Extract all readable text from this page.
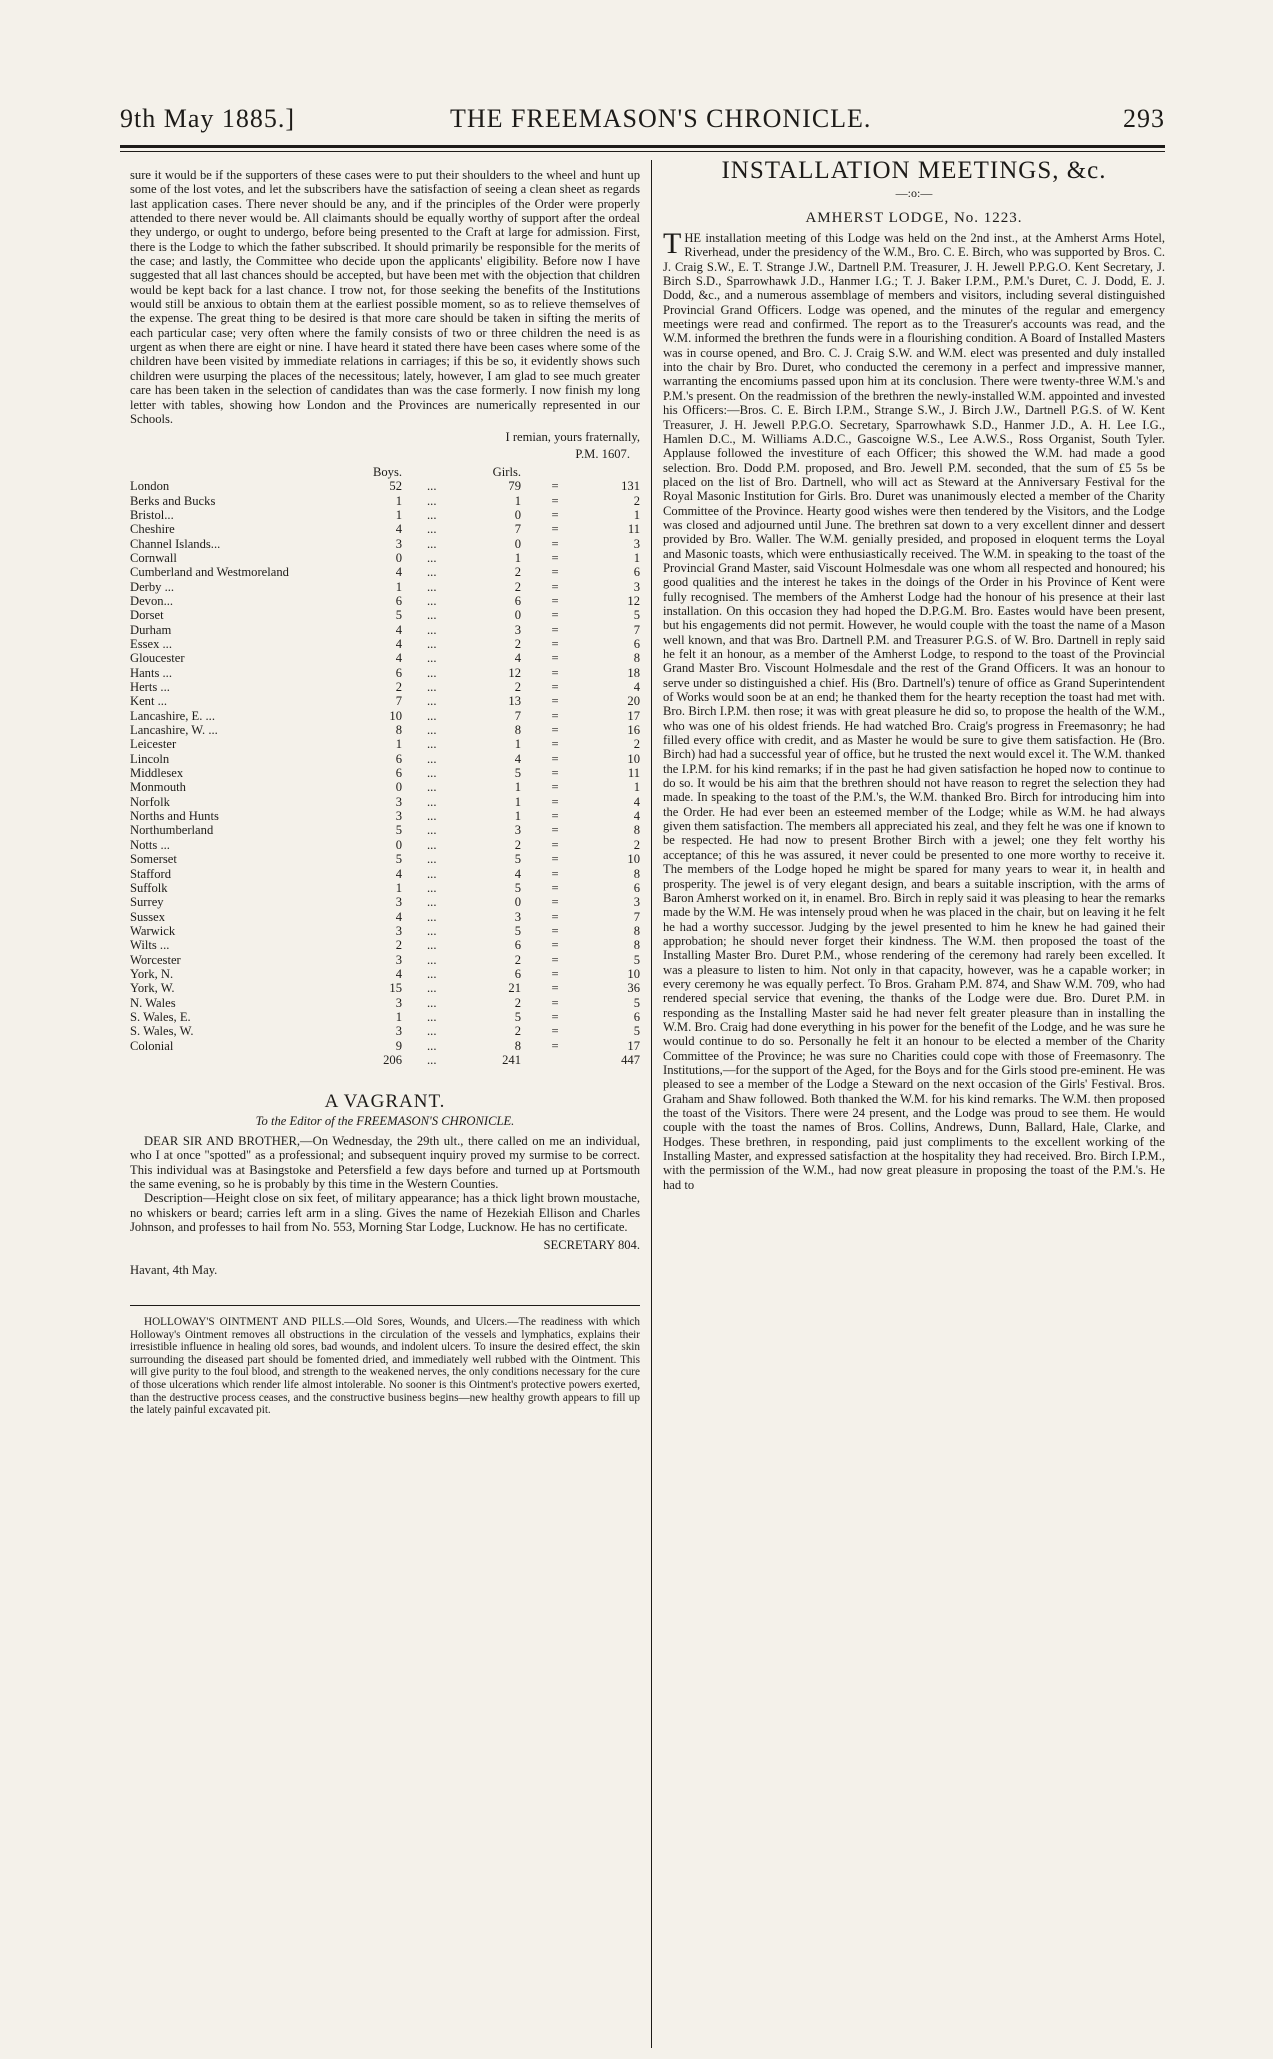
9th May 1885.]	THE FREEMASON'S CHRONICLE.	293

sure it would be if the supporters of these cases were to put their shoulders to the wheel and hunt up some of the lost votes, and let the subscribers have the satisfaction of seeing a clean sheet as regards last application cases. There never should be any, and if the principles of the Order were properly attended to there never would be. All claimants should be equally worthy of support after the ordeal they undergo, or ought to undergo, before being presented to the Craft at large for admission. First, there is the Lodge to which the father subscribed. It should primarily be responsible for the merits of the case; and lastly, the Committee who decide upon the applicants' eligibility. Before now I have suggested that all last chances should be accepted, but have been met with the objection that children would be kept back for a last chance. I trow not, for those seeking the benefits of the Institutions would still be anxious to obtain them at the earliest possible moment, so as to relieve themselves of the expense. The great thing to be desired is that more care should be taken in sifting the merits of each particular case; very often where the family consists of two or three children the need is as urgent as when there are eight or nine. I have heard it stated there have been cases where some of the children have been visited by immediate relations in carriages; if this be so, it evidently shows such children were usurping the places of the necessitous; lately, however, I am glad to see much greater care has been taken in the selection of candidates than was the case formerly. I now finish my long letter with tables, showing how London and the Provinces are numerically represented in our Schools.

I remian, yours fraternally,
P.M. 1607.
	Boys.		Girls.		
London	52	...	79	=	131
Berks and Bucks	1	...	1	=	2
Bristol...	1	...	0	=	1
Cheshire	4	...	7	=	11
Channel Islands...	3	...	0	=	3
Cornwall	0	...	1	=	1
Cumberland and Westmoreland	4	...	2	=	6
Derby ...	1	...	2	=	3
Devon...	6	...	6	=	12
Dorset	5	...	0	=	5
Durham	4	...	3	=	7
Essex ...	4	...	2	=	6
Gloucester	4	...	4	=	8
Hants ...	6	...	12	=	18
Herts ...	2	...	2	=	4
Kent ...	7	...	13	=	20
Lancashire, E. ...	10	...	7	=	17
Lancashire, W. ...	8	...	8	=	16
Leicester	1	...	1	=	2
Lincoln	6	...	4	=	10
Middlesex	6	...	5	=	11
Monmouth	0	...	1	=	1
Norfolk	3	...	1	=	4
Norths and Hunts	3	...	1	=	4
Northumberland	5	...	3	=	8
Notts ...	0	...	2	=	2
Somerset	5	...	5	=	10
Stafford	4	...	4	=	8
Suffolk	1	...	5	=	6
Surrey	3	...	0	=	3
Sussex	4	...	3	=	7
Warwick	3	...	5	=	8
Wilts ...	2	...	6	=	8
Worcester	3	...	2	=	5
York, N.	4	...	6	=	10
York, W.	15	...	21	=	36
N. Wales	3	...	2	=	5
S. Wales, E.	1	...	5	=	6
S. Wales, W.	3	...	2	=	5
Colonial	9	...	8	=	17
	206	...	241		447
A VAGRANT.
To the Editor of the FREEMASON'S CHRONICLE.

DEAR SIR AND BROTHER,—On Wednesday, the 29th ult., there called on me an individual, who I at once "spotted" as a professional; and subsequent inquiry proved my surmise to be correct. This individual was at Basingstoke and Petersfield a few days before and turned up at Portsmouth the same evening, so he is probably by this time in the Western Counties.

Description—Height close on six feet, of military appearance; has a thick light brown moustache, no whiskers or beard; carries left arm in a sling. Gives the name of Hezekiah Ellison and Charles Johnson, and professes to hail from No. 553, Morning Star Lodge, Lucknow. He has no certificate.

SECRETARY 804.
Havant, 4th May.

HOLLOWAY'S OINTMENT AND PILLS.—Old Sores, Wounds, and Ulcers.—The readiness with which Holloway's Ointment removes all obstructions in the circulation of the vessels and lymphatics, explains their irresistible influence in healing old sores, bad wounds, and indolent ulcers. To insure the desired effect, the skin surrounding the diseased part should be fomented dried, and immediately well rubbed with the Ointment. This will give purity to the foul blood, and strength to the weakened nerves, the only conditions necessary for the cure of those ulcerations which render life almost intolerable. No sooner is this Ointment's protective powers exerted, than the destructive process ceases, and the constructive business begins—new healthy growth appears to fill up the lately painful excavated pit.

INSTALLATION MEETINGS, &c.
—:o:—
AMHERST LODGE, No. 1223.

THE installation meeting of this Lodge was held on the 2nd inst., at the Amherst Arms Hotel, Riverhead, under the presidency of the W.M., Bro. C. E. Birch, who was supported by Bros. C. J. Craig S.W., E. T. Strange J.W., Dartnell P.M. Treasurer, J. H. Jewell P.P.G.O. Kent Secretary, J. Birch S.D., Sparrowhawk J.D., Hanmer I.G.; T. J. Baker I.P.M., P.M.'s Duret, C. J. Dodd, E. J. Dodd, &c., and a numerous assemblage of members and visitors, including several distinguished Provincial Grand Officers. Lodge was opened, and the minutes of the regular and emergency meetings were read and confirmed. The report as to the Treasurer's accounts was read, and the W.M. informed the brethren the funds were in a flourishing condition. A Board of Installed Masters was in course opened, and Bro. C. J. Craig S.W. and W.M. elect was presented and duly installed into the chair by Bro. Duret, who conducted the ceremony in a perfect and impressive manner, warranting the encomiums passed upon him at its conclusion. There were twenty-three W.M.'s and P.M.'s present. On the readmission of the brethren the newly-installed W.M. appointed and invested his Officers:—Bros. C. E. Birch I.P.M., Strange S.W., J. Birch J.W., Dartnell P.G.S. of W. Kent Treasurer, J. H. Jewell P.P.G.O. Secretary, Sparrowhawk S.D., Hanmer J.D., A. H. Lee I.G., Hamlen D.C., M. Williams A.D.C., Gascoigne W.S., Lee A.W.S., Ross Organist, South Tyler. Applause followed the investiture of each Officer; this showed the W.M. had made a good selection. Bro. Dodd P.M. proposed, and Bro. Jewell P.M. seconded, that the sum of £5 5s be placed on the list of Bro. Dartnell, who will act as Steward at the Anniversary Festival for the Royal Masonic Institution for Girls. Bro. Duret was unanimously elected a member of the Charity Committee of the Province. Hearty good wishes were then tendered by the Visitors, and the Lodge was closed and adjourned until June. The brethren sat down to a very excellent dinner and dessert provided by Bro. Waller. The W.M. genially presided, and proposed in eloquent terms the Loyal and Masonic toasts, which were enthusiastically received. The W.M. in speaking to the toast of the Provincial Grand Master, said Viscount Holmesdale was one whom all respected and honoured; his good qualities and the interest he takes in the doings of the Order in his Province of Kent were fully recognised. The members of the Amherst Lodge had the honour of his presence at their last installation. On this occasion they had hoped the D.P.G.M. Bro. Eastes would have been present, but his engagements did not permit. However, he would couple with the toast the name of a Mason well known, and that was Bro. Dartnell P.M. and Treasurer P.G.S. of W. Bro. Dartnell in reply said he felt it an honour, as a member of the Amherst Lodge, to respond to the toast of the Provincial Grand Master Bro. Viscount Holmesdale and the rest of the Grand Officers. It was an honour to serve under so distinguished a chief. His (Bro. Dartnell's) tenure of office as Grand Superintendent of Works would soon be at an end; he thanked them for the hearty reception the toast had met with. Bro. Birch I.P.M. then rose; it was with great pleasure he did so, to propose the health of the W.M., who was one of his oldest friends. He had watched Bro. Craig's progress in Freemasonry; he had filled every office with credit, and as Master he would be sure to give them satisfaction. He (Bro. Birch) had had a successful year of office, but he trusted the next would excel it. The W.M. thanked the I.P.M. for his kind remarks; if in the past he had given satisfaction he hoped now to continue to do so. It would be his aim that the brethren should not have reason to regret the selection they had made. In speaking to the toast of the P.M.'s, the W.M. thanked Bro. Birch for introducing him into the Order. He had ever been an esteemed member of the Lodge; while as W.M. he had always given them satisfaction. The members all appreciated his zeal, and they felt he was one if known to be respected. He had now to present Brother Birch with a jewel; one they felt worthy his acceptance; of this he was assured, it never could be presented to one more worthy to receive it. The members of the Lodge hoped he might be spared for many years to wear it, in health and prosperity. The jewel is of very elegant design, and bears a suitable inscription, with the arms of Baron Amherst worked on it, in enamel. Bro. Birch in reply said it was pleasing to hear the remarks made by the W.M. He was intensely proud when he was placed in the chair, but on leaving it he felt he had a worthy successor. Judging by the jewel presented to him he knew he had gained their approbation; he should never forget their kindness. The W.M. then proposed the toast of the Installing Master Bro. Duret P.M., whose rendering of the ceremony had rarely been excelled. It was a pleasure to listen to him. Not only in that capacity, however, was he a capable worker; in every ceremony he was equally perfect. To Bros. Graham P.M. 874, and Shaw W.M. 709, who had rendered special service that evening, the thanks of the Lodge were due. Bro. Duret P.M. in responding as the Installing Master said he had never felt greater pleasure than in installing the W.M. Bro. Craig had done everything in his power for the benefit of the Lodge, and he was sure he would continue to do so. Personally he felt it an honour to be elected a member of the Charity Committee of the Province; he was sure no Charities could cope with those of Freemasonry. The Institutions,—for the support of the Aged, for the Boys and for the Girls stood pre-eminent. He was pleased to see a member of the Lodge a Steward on the next occasion of the Girls' Festival. Bros. Graham and Shaw followed. Both thanked the W.M. for his kind remarks. The W.M. then proposed the toast of the Visitors. There were 24 present, and the Lodge was proud to see them. He would couple with the toast the names of Bros. Collins, Andrews, Dunn, Ballard, Hale, Clarke, and Hodges. These brethren, in responding, paid just compliments to the excellent working of the Installing Master, and expressed satisfaction at the hospitality they had received. Bro. Birch I.P.M., with the permission of the W.M., had now great pleasure in proposing the toast of the P.M.'s. He had to
